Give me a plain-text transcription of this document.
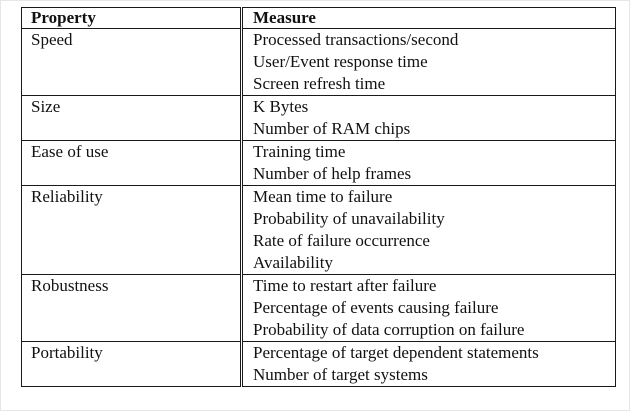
Property	Measure
Speed	Processed transactions/second
User/Event response time
Screen refresh time

Size	K Bytes
Number of RAM chips

Ease of use	Training time
Number of help frames

Reliability	Mean time to failure
Probability of unavailability
Rate of failure occurrence
Availability

Robustness	Time to restart after failure
Percentage of events causing failure
Probability of data corruption on failure

Portability	Percentage of target dependent statements
Number of target systems
